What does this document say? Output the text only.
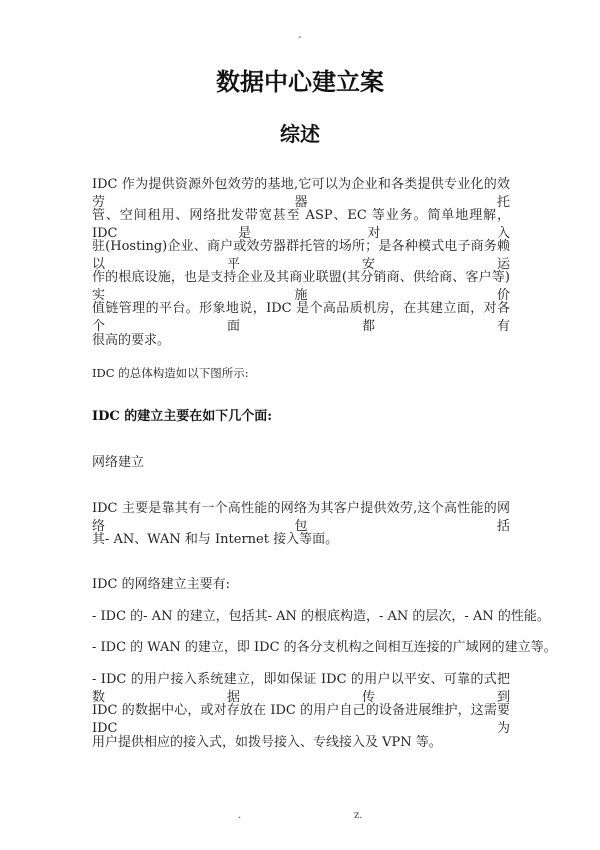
-
数据中心建立案
综述
IDC 作为提供资源外包效劳的基地,它可以为企业和各类提供专业化的效劳器托
管、空间租用、网络批发带宽甚至 ASP、EC 等业务。简单地理解，IDC 是对入
驻(Hosting)企业、商户或效劳器群托管的场所；是各种模式电子商务赖以平安运
作的根底设施，也是支持企业及其商业联盟(其分销商、供给商、客户等)实施价
值链管理的平台。形象地说，IDC 是个高品质机房，在其建立面，对各个面都有
很高的要求。
IDC 的总体构造如以下图所示:
IDC 的建立主要在如下几个面:
网络建立
IDC 主要是靠其有一个高性能的网络为其客户提供效劳,这个高性能的网络包括
其- AN、WAN 和与 Internet 接入等面。
IDC 的网络建立主要有:
- IDC 的- AN 的建立，包括其- AN 的根底构造，- AN 的层次，- AN 的性能。
- IDC 的 WAN 的建立，即 IDC 的各分支机构之间相互连接的广域网的建立等。
- IDC 的用户接入系统建立，即如保证 IDC 的用户以平安、可靠的式把数据传到
IDC 的数据中心，或对存放在 IDC 的用户自己的设备进展维护，这需要 IDC 为
用户提供相应的接入式，如拨号接入、专线接入及 VPN 等。
.	z.
